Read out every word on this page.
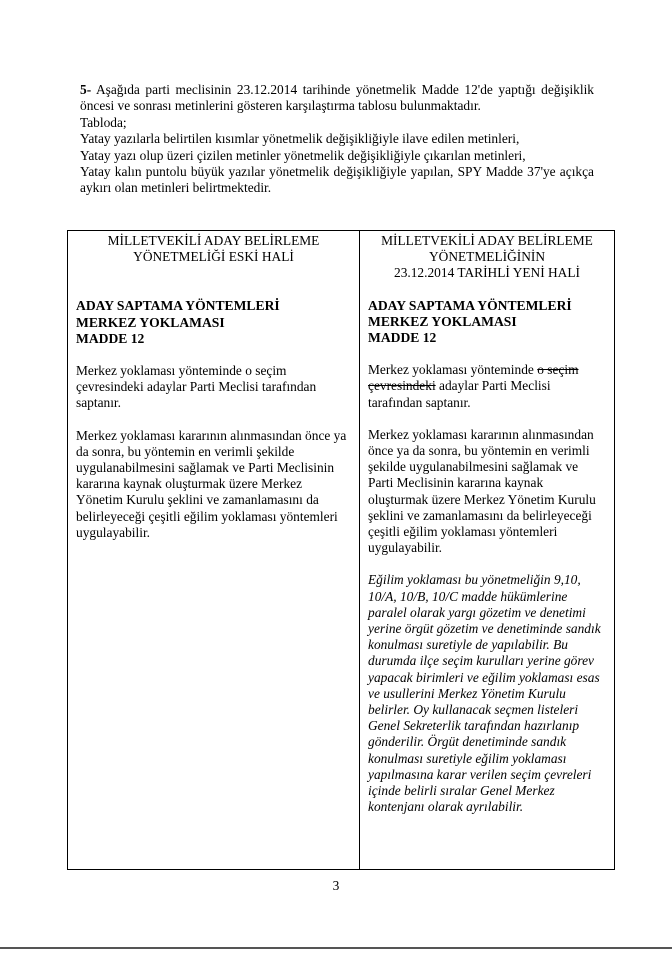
5- Aşağıda parti meclisinin 23.12.2014 tarihinde yönetmelik Madde 12'de yaptığı değişiklik öncesi ve sonrası metinlerini gösteren karşılaştırma tablosu bulunmaktadır.

Tabloda;

Yatay yazılarla belirtilen kısımlar yönetmelik değişikliğiyle ilave edilen metinleri,

Yatay yazı olup üzeri çizilen metinler yönetmelik değişikliğiyle çıkarılan metinleri,

Yatay kalın puntolu büyük yazılar yönetmelik değişikliğiyle yapılan, SPY Madde 37'ye açıkça aykırı olan metinleri belirtmektedir.

MİLLETVEKİLİ ADAY BELİRLEME
YÖNETMELİĞİ ESKİ HALİ
ADAY SAPTAMA YÖNTEMLERİ
MERKEZ YOKLAMASI
MADDE 12

Merkez yoklaması yönteminde o seçim çevresindeki adaylar Parti Meclisi tarafından saptanır.

Merkez yoklaması kararının alınmasından önce ya da sonra, bu yöntemin en verimli şekilde uygulanabilmesini sağlamak ve Parti Meclisinin kararına kaynak oluşturmak üzere Merkez Yönetim Kurulu şeklini ve zamanlamasını da belirleyeceği çeşitli eğilim yoklaması yöntemleri uygulayabilir.

MİLLETVEKİLİ ADAY BELİRLEME
YÖNETMELİĞİNİN
23.12.2014 TARİHLİ YENİ HALİ
ADAY SAPTAMA YÖNTEMLERİ
MERKEZ YOKLAMASI
MADDE 12

Merkez yoklaması yönteminde o seçim çevresindeki adaylar Parti Meclisi tarafından saptanır.

Merkez yoklaması kararının alınmasından önce ya da sonra, bu yöntemin en verimli şekilde uygulanabilmesini sağlamak ve Parti Meclisinin kararına kaynak oluşturmak üzere Merkez Yönetim Kurulu şeklini ve zamanlamasını da belirleyeceği çeşitli eğilim yoklaması yöntemleri uygulayabilir.

Eğilim yoklaması bu yönetmeliğin 9,10, 10/A, 10/B, 10/C madde hükümlerine paralel olarak yargı gözetim ve denetimi yerine örgüt gözetim ve denetiminde sandık konulması suretiyle de yapılabilir. Bu durumda ilçe seçim kurulları yerine görev yapacak birimleri ve eğilim yoklaması esas ve usullerini Merkez Yönetim Kurulu belirler. Oy kullanacak seçmen listeleri Genel Sekreterlik tarafından hazırlanıp gönderilir. Örgüt denetiminde sandık konulması suretiyle eğilim yoklaması yapılmasına karar verilen seçim çevreleri içinde belirli sıralar Genel Merkez kontenjanı olarak ayrılabilir.

3
